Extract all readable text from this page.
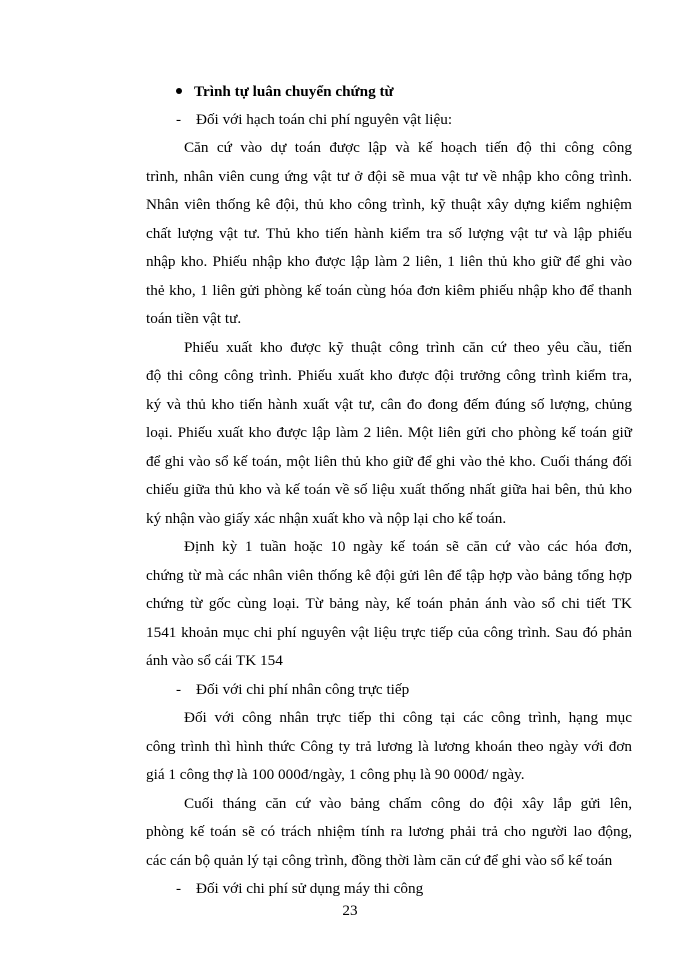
Trình tự luân chuyển chứng từ
- Đối với hạch toán chi phí nguyên vật liệu:
Căn cứ vào dự toán được lập và kế hoạch tiến độ thi công công
trình, nhân viên cung ứng vật tư ở đội sẽ mua vật tư về nhập kho công trình.
Nhân viên thống kê đội, thủ kho công trình, kỹ thuật xây dựng kiểm nghiệm
chất lượng vật tư. Thủ kho tiến hành kiểm tra số lượng vật tư và lập phiếu
nhập kho. Phiếu nhập kho được lập làm 2 liên, 1 liên thủ kho giữ để ghi vào
thẻ kho, 1 liên gửi phòng kế toán cùng hóa đơn kiêm phiếu nhập kho để thanh
toán tiền vật tư.
Phiếu xuất kho được kỹ thuật công trình căn cứ theo yêu cầu, tiến
độ thi công công trình. Phiếu xuất kho được đội trưởng công trình kiểm tra,
ký và thủ kho tiến hành xuất vật tư, cân đo đong đếm đúng số lượng, chủng
loại. Phiếu xuất kho được lập làm 2 liên. Một liên gửi cho phòng kế toán giữ
để ghi vào sổ kế toán, một liên thủ kho giữ để ghi vào thẻ kho. Cuối tháng đối
chiếu giữa thủ kho và kế toán về số liệu xuất thống nhất giữa hai bên, thủ kho
ký nhận vào giấy xác nhận xuất kho và nộp lại cho kế toán.
Định kỳ 1 tuần hoặc 10 ngày kế toán sẽ căn cứ vào các hóa đơn,
chứng từ mà các nhân viên thống kê đội gửi lên để tập hợp vào bảng tổng hợp
chứng từ gốc cùng loại. Từ bảng này, kế toán phản ánh vào sổ chi tiết TK
1541 khoản mục chi phí nguyên vật liệu trực tiếp của công trình. Sau đó phản
ánh vào sổ cái TK 154
- Đối với chi phí nhân công trực tiếp
Đối với công nhân trực tiếp thi công tại các công trình, hạng mục
công trình thì hình thức Công ty trả lương là lương khoán theo ngày với đơn
giá 1 công thợ là 100 000đ/ngày, 1 công phụ là 90 000đ/ ngày.
Cuối tháng căn cứ vào bảng chấm công do đội xây lắp gửi lên,
phòng kế toán sẽ có trách nhiệm tính ra lương phải trả cho người lao động,
các cán bộ quản lý tại công trình, đồng thời làm căn cứ để ghi vào sổ kế toán
- Đối với chi phí sử dụng máy thi công
23
